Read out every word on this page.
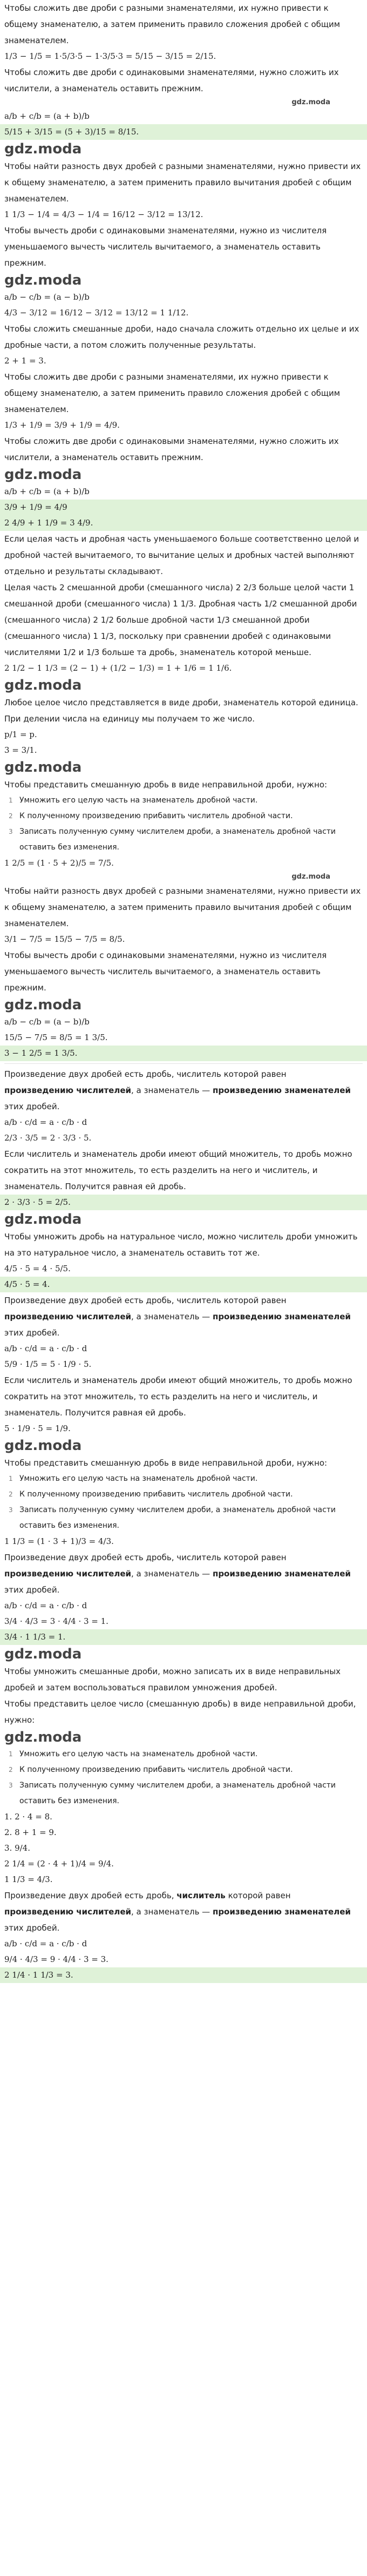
Чтобы сложить две дроби с разными знаменателями, их нужно привести к общему знаменателю, а затем применить правило сложения дробей с общим знаменателем.

1/3 − 1/5 = 1·5/3·5 − 1·3/5·3 = 5/15 − 3/15 = 2/15.

Чтобы сложить две дроби с одинаковыми знаменателями, нужно сложить их числители, а знаменатель оставить прежним.

gdz.moda

a/b + c/b = (a + b)/b

5/15 + 3/15 = (5 + 3)/15 = 8/15.

gdz.moda

Чтобы найти разность двух дробей с разными знаменателями, нужно привести их к общему знаменателю, а затем применить правило вычитания дробей с общим знаменателем.

1 1/3 − 1/4 = 4/3 − 1/4 = 16/12 − 3/12 = 13/12.

Чтобы вычесть дроби с одинаковыми знаменателями, нужно из числителя уменьшаемого вычесть числитель вычитаемого, а знаменатель оставить прежним.

gdz.moda

a/b − c/b = (a − b)/b

4/3 − 3/12 = 16/12 − 3/12 = 13/12 = 1 1/12.

Чтобы сложить смешанные дроби, надо сначала сложить отдельно их целые и их дробные части, а потом сложить полученные результаты.

2 + 1 = 3.

Чтобы сложить две дроби с разными знаменателями, их нужно привести к общему знаменателю, а затем применить правило сложения дробей с общим знаменателем.

1/3 + 1/9 = 3/9 + 1/9 = 4/9.

Чтобы сложить две дроби с одинаковыми знаменателями, нужно сложить их числители, а знаменатель оставить прежним.

gdz.moda

a/b + c/b = (a + b)/b

3/9 + 1/9 = 4/9

2 4/9 + 1 1/9 = 3 4/9.

Если целая часть и дробная часть уменьшаемого больше соответственно целой и дробной частей вычитаемого, то вычитание целых и дробных частей выполняют отдельно и результаты складывают.

Целая часть 2 смешанной дроби (смешанного числа) 2 2/3 больше целой части 1 смешанной дроби (смешанного числа) 1 1/3. Дробная часть 1/2 смешанной дроби (смешанного числа) 2 1/2 больше дробной части 1/3 смешанной дроби (смешанного числа) 1 1/3, поскольку при сравнении дробей с одинаковыми числителями 1/2 и 1/3 больше та дробь, знаменатель которой меньше.

2 1/2 − 1 1/3 = (2 − 1) + (1/2 − 1/3) = 1 + 1/6 = 1 1/6.

gdz.moda

Любое целое число представляется в виде дроби, знаменатель которой единица. При делении числа на единицу мы получаем то же число.

p/1 = p.

3 = 3/1.

gdz.moda

Чтобы представить смешанную дробь в виде неправильной дроби, нужно:

1 Умножить его целую часть на знаменатель дробной части.
2 К полученному произведению прибавить числитель дробной части.
3 Записать полученную сумму числителем дроби, а знаменатель дробной части оставить без изменения.

1 2/5 = (1 · 5 + 2)/5 = 7/5.

gdz.moda

Чтобы найти разность двух дробей с разными знаменателями, нужно привести их к общему знаменателю, а затем применить правило вычитания дробей с общим знаменателем.

3/1 − 7/5 = 15/5 − 7/5 = 8/5.

Чтобы вычесть дроби с одинаковыми знаменателями, нужно из числителя уменьшаемого вычесть числитель вычитаемого, а знаменатель оставить прежним.

gdz.moda

a/b − c/b = (a − b)/b

15/5 − 7/5 = 8/5 = 1 3/5.

3 − 1 2/5 = 1 3/5.

Произведение двух дробей есть дробь, числитель которой равен

произведению числителей, а знаменатель — произведению знаменателей

этих дробей.

a/b · c/d = a · c/b · d

2/3 · 3/5 = 2 · 3/3 · 5.

Если числитель и знаменатель дроби имеют общий множитель, то дробь можно сократить на этот множитель, то есть разделить на него и числитель, и знаменатель. Получится равная ей дробь.

2 · 3/3 · 5 = 2/5.

gdz.moda

Чтобы умножить дробь на натуральное число, можно числитель дроби умножить на это натуральное число, а знаменатель оставить тот же.

4/5 · 5 = 4 · 5/5.

4/5 · 5 = 4.

Произведение двух дробей есть дробь, числитель которой равен

произведению числителей, а знаменатель — произведению знаменателей

этих дробей.

a/b · c/d = a · c/b · d

5/9 · 1/5 = 5 · 1/9 · 5.

Если числитель и знаменатель дроби имеют общий множитель, то дробь можно сократить на этот множитель, то есть разделить на него и числитель, и знаменатель. Получится равная ей дробь.

5 · 1/9 · 5 = 1/9.

gdz.moda

Чтобы представить смешанную дробь в виде неправильной дроби, нужно:

1 Умножить его целую часть на знаменатель дробной части.
2 К полученному произведению прибавить числитель дробной части.
3 Записать полученную сумму числителем дроби, а знаменатель дробной части оставить без изменения.

1 1/3 = (1 · 3 + 1)/3 = 4/3.

Произведение двух дробей есть дробь, числитель которой равен

произведению числителей, а знаменатель — произведению знаменателей

этих дробей.

a/b · c/d = a · c/b · d

3/4 · 4/3 = 3 · 4/4 · 3 = 1.

3/4 · 1 1/3 = 1.

gdz.moda

Чтобы умножить смешанные дроби, можно записать их в виде неправильных дробей и затем воспользоваться правилом умножения дробей.

Чтобы представить целое число (смешанную дробь) в виде неправильной дроби, нужно:

gdz.moda

1 Умножить его целую часть на знаменатель дробной части.
2 К полученному произведению прибавить числитель дробной части.
3 Записать полученную сумму числителем дроби, а знаменатель дробной части оставить без изменения.

1. 2 · 4 = 8.

2. 8 + 1 = 9.

3. 9/4.

2 1/4 = (2 · 4 + 1)/4 = 9/4.

1 1/3 = 4/3.

Произведение двух дробей есть дробь, числитель которой равен

произведению числителей, а знаменатель — произведению знаменателей

этих дробей.

a/b · c/d = a · c/b · d

9/4 · 4/3 = 9 · 4/4 · 3 = 3.

2 1/4 · 1 1/3 = 3.
